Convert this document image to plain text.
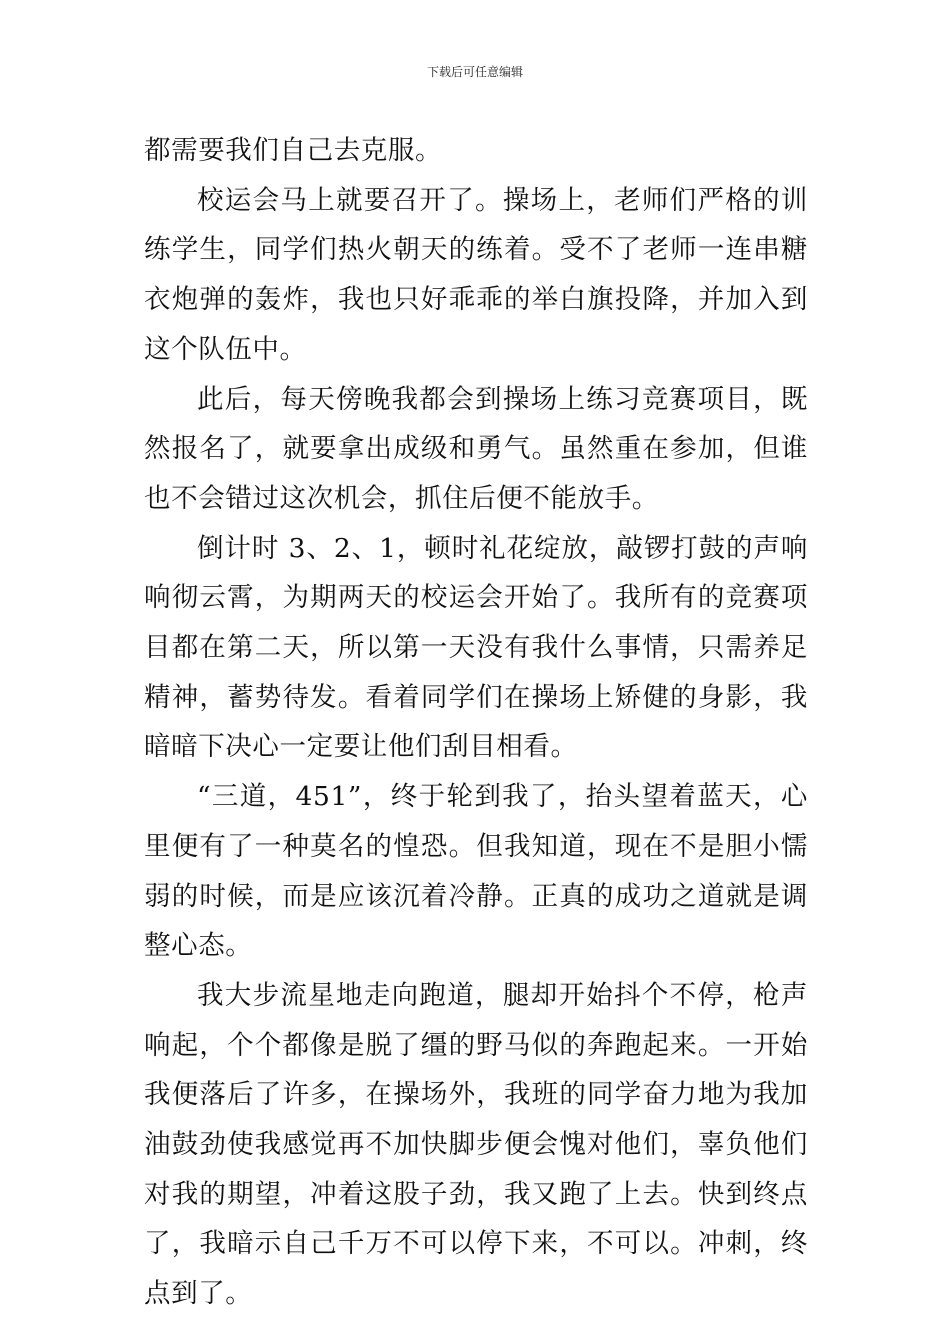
下载后可任意编辑

都需要我们自己去克服。

校运会马上就要召开了。操场上，老师们严格的训练学生，同学们热火朝天的练着。受不了老师一连串糖衣炮弹的轰炸，我也只好乖乖的举白旗投降，并加入到这个队伍中。

此后，每天傍晚我都会到操场上练习竞赛项目，既然报名了，就要拿出成级和勇气。虽然重在参加，但谁也不会错过这次机会，抓住后便不能放手。

倒计时 3、2、1，顿时礼花绽放，敲锣打鼓的声响响彻云霄，为期两天的校运会开始了。我所有的竞赛项目都在第二天，所以第一天没有我什么事情，只需养足精神，蓄势待发。看着同学们在操场上矫健的身影，我暗暗下决心一定要让他们刮目相看。

“三道，451”，终于轮到我了，抬头望着蓝天，心里便有了一种莫名的惶恐。但我知道，现在不是胆小懦弱的时候，而是应该沉着冷静。正真的成功之道就是调整心态。

我大步流星地走向跑道，腿却开始抖个不停，枪声响起，个个都像是脱了缰的野马似的奔跑起来。一开始我便落后了许多，在操场外，我班的同学奋力地为我加油鼓劲使我感觉再不加快脚步便会愧对他们，辜负他们对我的期望，冲着这股子劲，我又跑了上去。快到终点了，我暗示自己千万不可以停下来，不可以。冲刺，终点到了。
